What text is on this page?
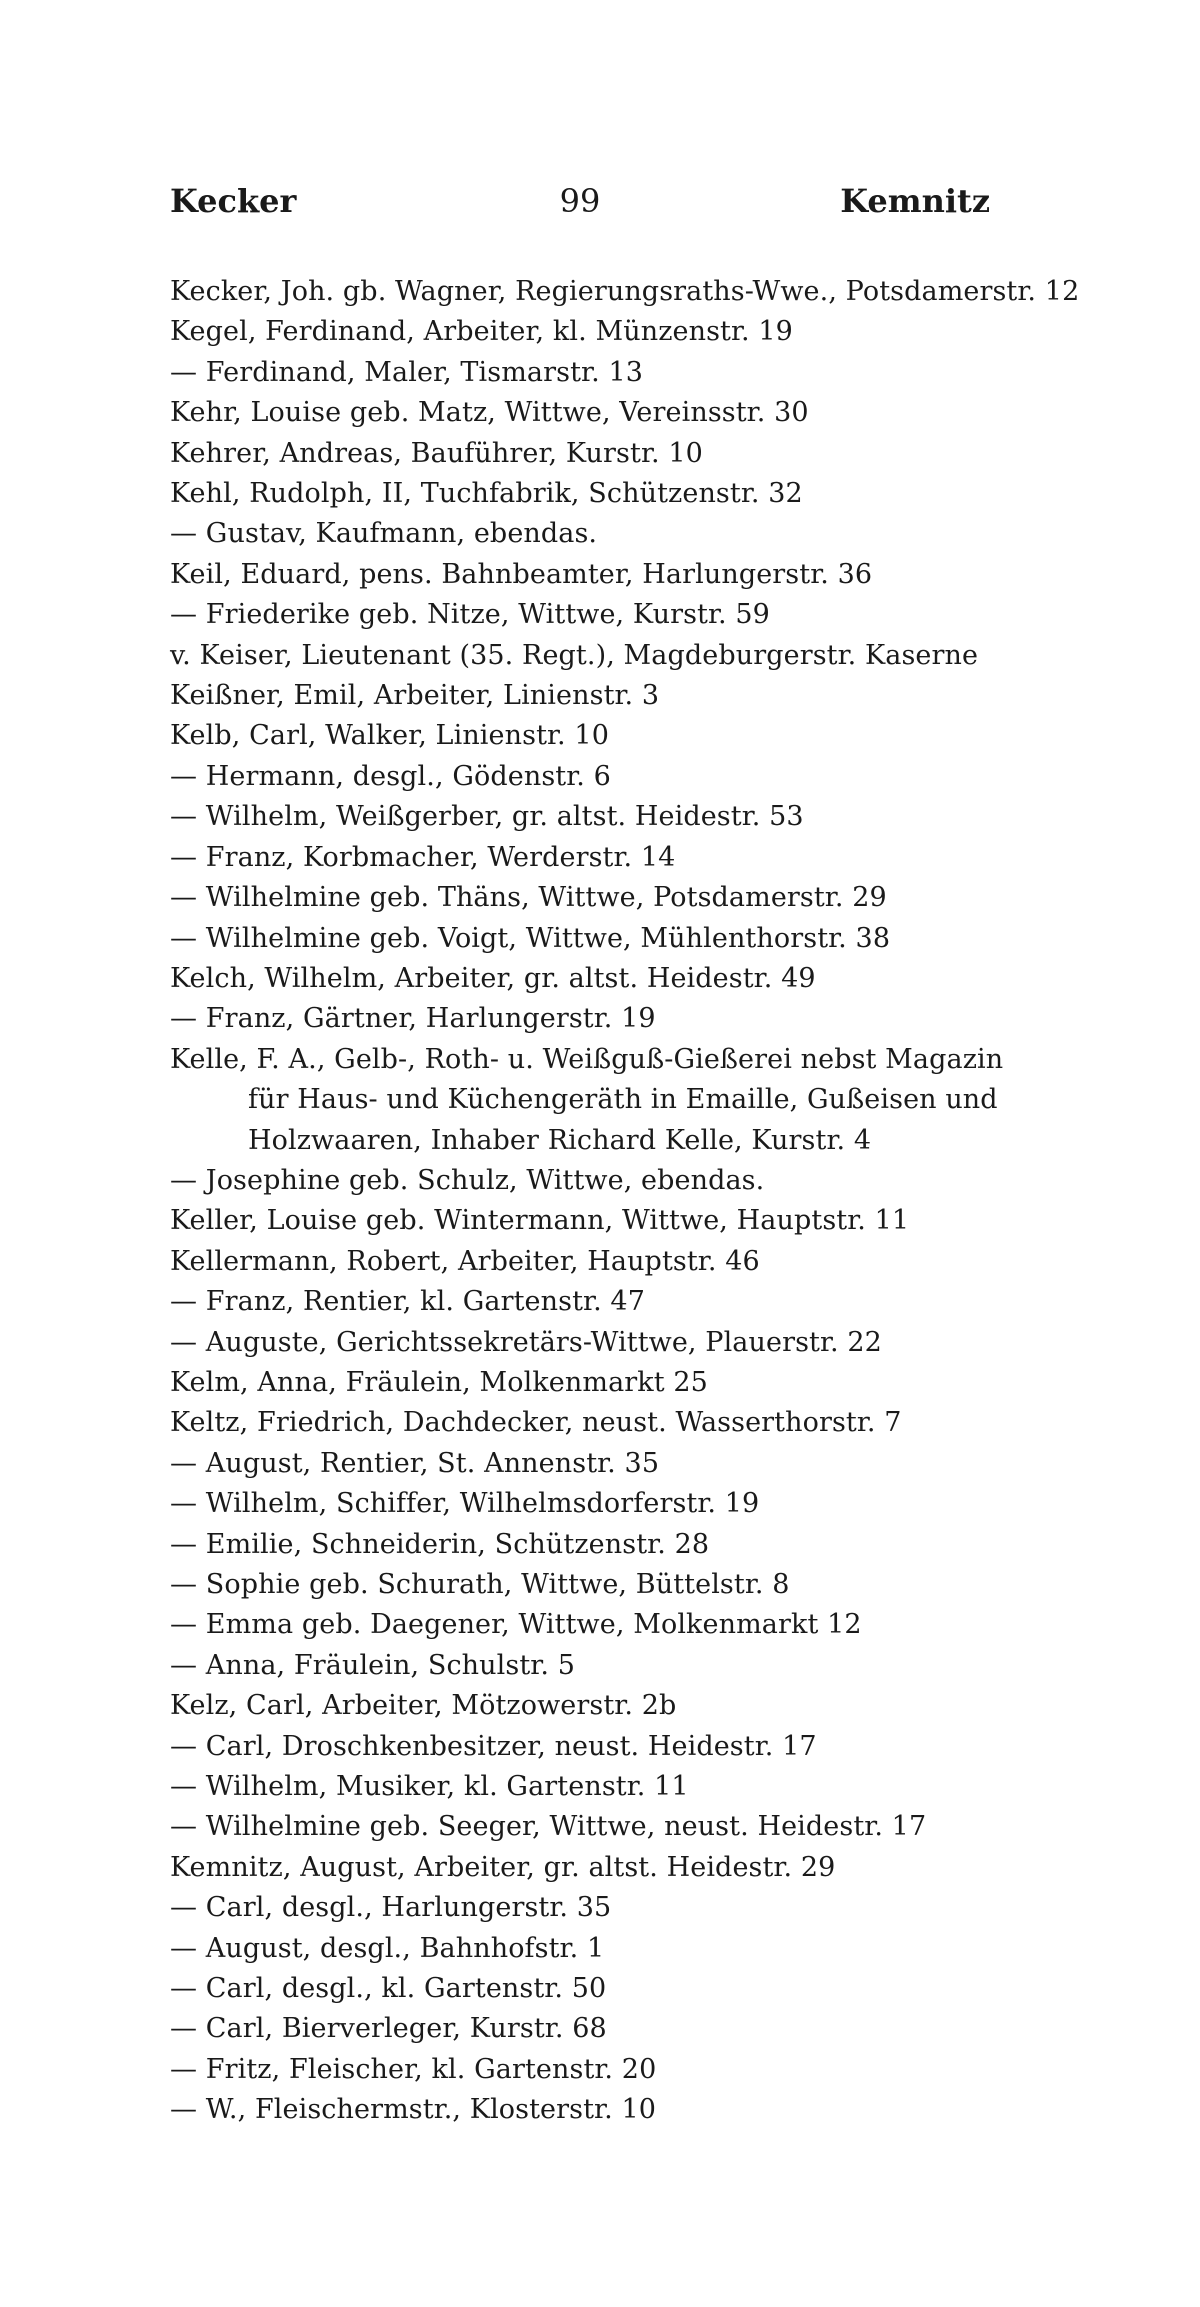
Kecker	99	Kemnitz
Kecker, Joh. gb. Wagner, Regierungsraths-Wwe., Potsdamerstr. 12
Kegel, Ferdinand, Arbeiter, kl. Münzenstr. 19
— Ferdinand, Maler, Tismarstr. 13
Kehr, Louise geb. Matz, Wittwe, Vereinsstr. 30
Kehrer, Andreas, Bauführer, Kurstr. 10
Kehl, Rudolph, II, Tuchfabrik, Schützenstr. 32
— Gustav, Kaufmann, ebendas.
Keil, Eduard, pens. Bahnbeamter, Harlungerstr. 36
— Friederike geb. Nitze, Wittwe, Kurstr. 59
v. Keiser, Lieutenant (35. Regt.), Magdeburgerstr. Kaserne
Keißner, Emil, Arbeiter, Linienstr. 3
Kelb, Carl, Walker, Linienstr. 10
— Hermann, desgl., Gödenstr. 6
— Wilhelm, Weißgerber, gr. altst. Heidestr. 53
— Franz, Korbmacher, Werderstr. 14
— Wilhelmine geb. Thäns, Wittwe, Potsdamerstr. 29
— Wilhelmine geb. Voigt, Wittwe, Mühlenthorstr. 38
Kelch, Wilhelm, Arbeiter, gr. altst. Heidestr. 49
— Franz, Gärtner, Harlungerstr. 19
Kelle, F. A., Gelb-, Roth- u. Weißguß-Gießerei nebst Magazin
für Haus- und Küchengeräth in Emaille, Gußeisen und
Holzwaaren, Inhaber Richard Kelle, Kurstr. 4
— Josephine geb. Schulz, Wittwe, ebendas.
Keller, Louise geb. Wintermann, Wittwe, Hauptstr. 11
Kellermann, Robert, Arbeiter, Hauptstr. 46
— Franz, Rentier, kl. Gartenstr. 47
— Auguste, Gerichtssekretärs-Wittwe, Plauerstr. 22
Kelm, Anna, Fräulein, Molkenmarkt 25
Keltz, Friedrich, Dachdecker, neust. Wasserthorstr. 7
— August, Rentier, St. Annenstr. 35
— Wilhelm, Schiffer, Wilhelmsdorferstr. 19
— Emilie, Schneiderin, Schützenstr. 28
— Sophie geb. Schurath, Wittwe, Büttelstr. 8
— Emma geb. Daegener, Wittwe, Molkenmarkt 12
— Anna, Fräulein, Schulstr. 5
Kelz, Carl, Arbeiter, Mötzowerstr. 2b
— Carl, Droschkenbesitzer, neust. Heidestr. 17
— Wilhelm, Musiker, kl. Gartenstr. 11
— Wilhelmine geb. Seeger, Wittwe, neust. Heidestr. 17
Kemnitz, August, Arbeiter, gr. altst. Heidestr. 29
— Carl, desgl., Harlungerstr. 35
— August, desgl., Bahnhofstr. 1
— Carl, desgl., kl. Gartenstr. 50
— Carl, Bierverleger, Kurstr. 68
— Fritz, Fleischer, kl. Gartenstr. 20
— W., Fleischermstr., Klosterstr. 10
